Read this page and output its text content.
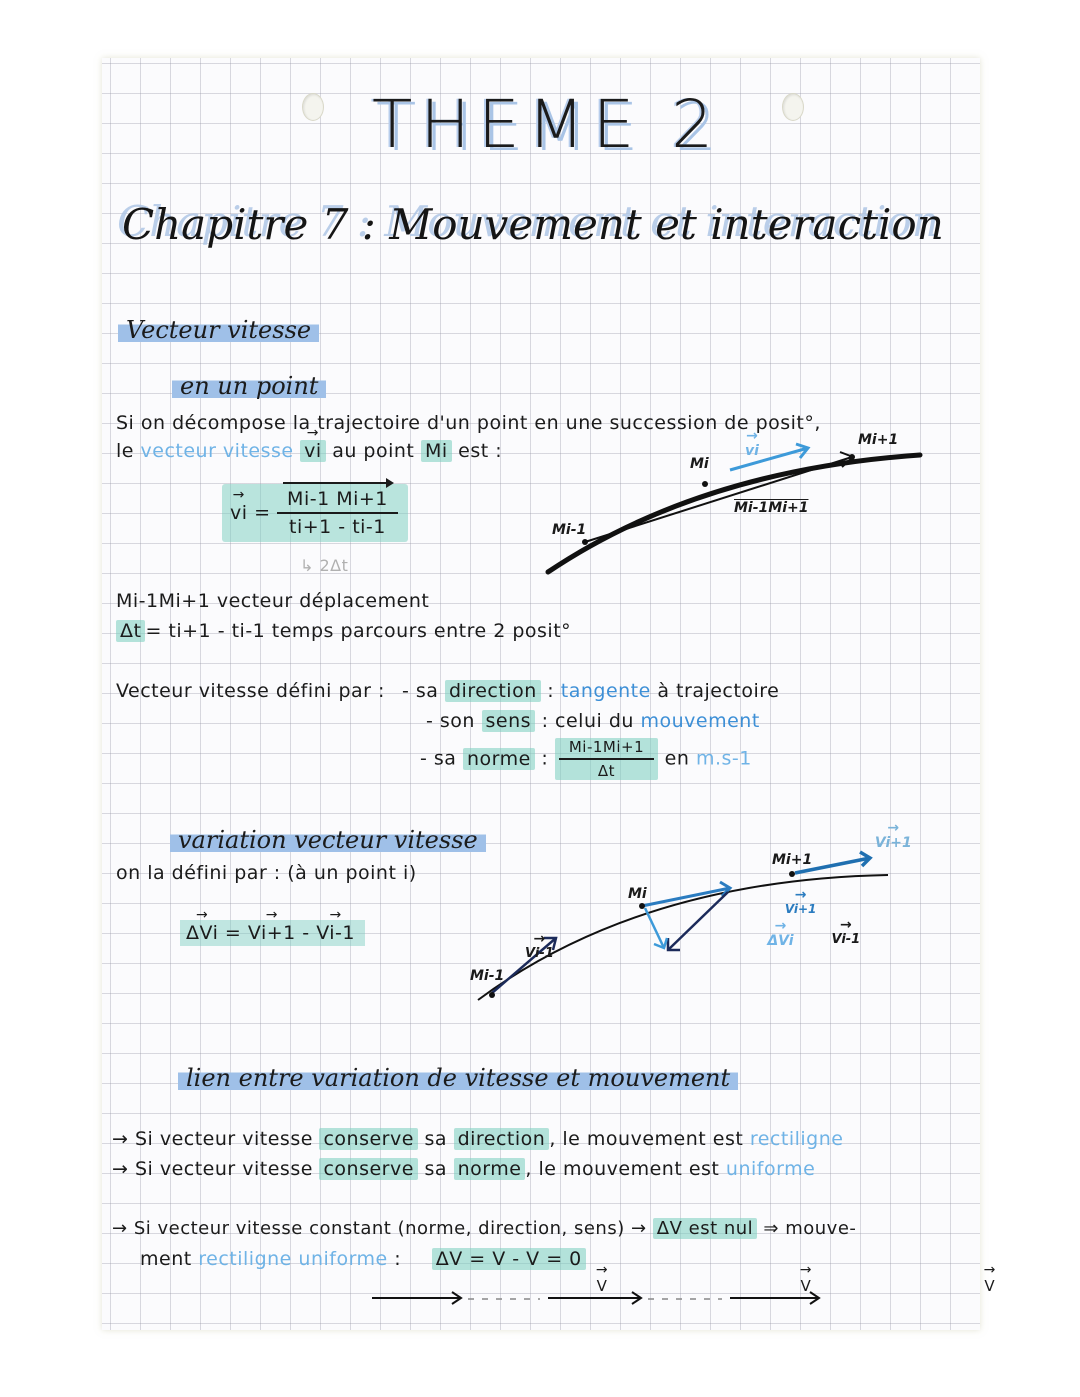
THEME 2
Chapitre 7 : Mouvement et interaction
Vecteur vitesse
en un point
Si on décompose la trajectoire d'un point en une succession de posit°,
le vecteur vitesse → vi au point Mi est :
→ vi = $\frac{Mi-1 Mi+1}{ti+1 - ti-1}$
↳ 2Δt
Mi-1Mi+1 vecteur déplacement
Δt = ti+1 - ti-1 temps parcours entre 2 posit°
Mi-1
Mi
Mi+1
→ vi
Mi-1Mi+1
Vecteur vitesse défini par : - sa direction : tangente à trajectoire
- son sens : celui du mouvement
- sa norme : $\frac{Mi-1Mi+1}{\Delta t}$ en m.s-1
variation vecteur vitesse
on la défini par : (à un point i)
→ ΔVi = → Vi+1 - → Vi-1
Mi-1
Mi
Mi+1
→ Vi-1 → Vi+1 → Vi+1 → Vi-1 → ΔVi
lien entre variation de vitesse et mouvement
→ Si vecteur vitesse conserve sa direction , le mouvement est rectiligne
→ Si vecteur vitesse conserve sa norme , le mouvement est uniforme
→ Si vecteur vitesse constant (norme, direction, sens) → ΔV est nul ⇒ mouve-
ment rectiligne uniforme : ΔV = V - V = 0
→ V	→ V	→ V
